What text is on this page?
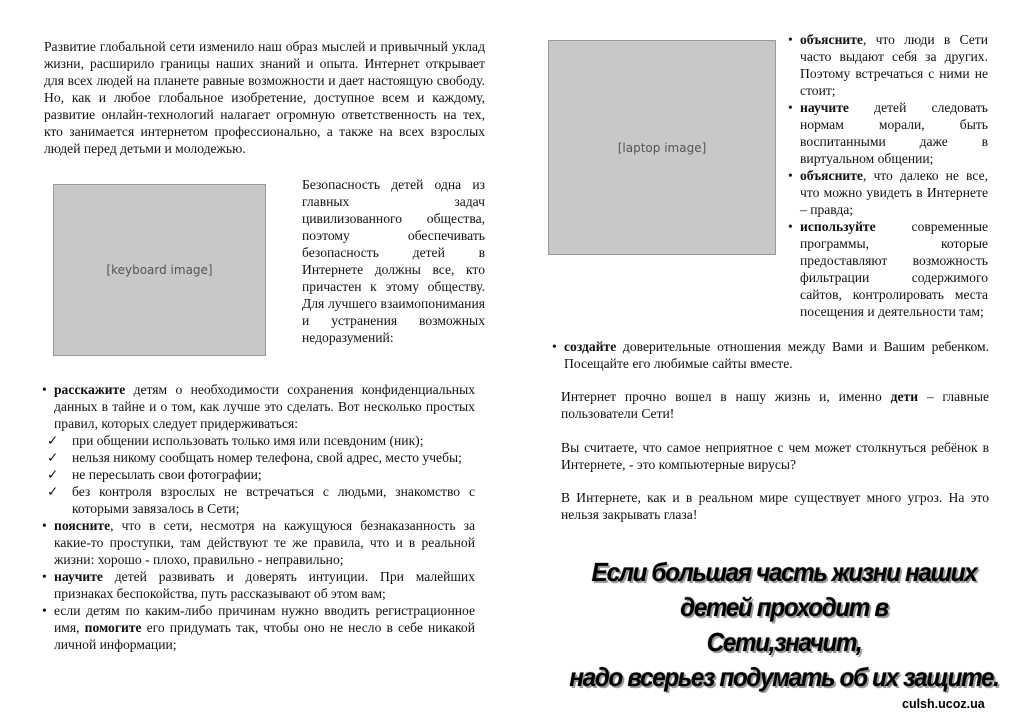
Развитие глобальной сети изменило наш образ мыслей и привычный уклад жизни, расширило границы наших знаний и опыта. Интернет открывает для всех людей на планете равные возможности и дает настоящую свободу. Но, как и любое глобальное изобретение, доступное всем и каждому, развитие онлайн-технологий налагает огромную ответственность на тех, кто занимается интернетом профессионально, а также на всех взрослых людей перед детьми и молодежью.

[keyboard image]

Безопасность детей одна из главных задач цивилизованного общества, поэтому обеспечивать безопасность детей в Интернете должны все, кто причастен к этому обществу. Для лучшего взаимопонимания и устранения возможных недоразумений:

• расскажите детям о необходимости сохранения конфиденциальных данных в тайне и о том, как лучше это сделать. Вот несколько простых правил, которых следует придерживаться:
✓ при общении использовать только имя или псевдоним (ник);
✓ нельзя никому сообщать номер телефона, свой адрес, место учебы;
✓ не пересылать свои фотографии;
✓ без контроля взрослых не встречаться с людьми, знакомство с которыми завязалось в Сети;
• поясните, что в сети, несмотря на кажущуюся безнаказанность за какие-то проступки, там действуют те же правила, что и в реальной жизни: хорошо - плохо, правильно - неправильно;
• научите детей развивать и доверять интуиции. При малейших признаках беспокойства, путь рассказывают об этом вам;
• если детям по каким-либо причинам нужно вводить регистрационное имя, помогите его придумать так, чтобы оно не несло в себе никакой личной информации;
[laptop image]
• объясните, что люди в Сети часто выдают себя за других. Поэтому встречаться с ними не стоит;
• научите детей следовать нормам морали, быть воспитанными даже в виртуальном общении;
• объясните, что далеко не все, что можно увидеть в Интернете – правда;
• используйте современные программы, которые предоставляют возможность фильтрации содержимого сайтов, контролировать места посещения и деятельности там;
• создайте доверительные отношения между Вами и Вашим ребенком. Посещайте его любимые сайты вместе.

Интернет прочно вошел в нашу жизнь и, именно дети – главные пользователи Сети!

Вы считаете, что самое неприятное с чем может столкнуться ребёнок в Интернете, - это компьютерные вирусы?

В Интернете, как и в реальном мире существует много угроз. На это нельзя закрывать глаза!

Если большая часть жизни наших детей проходит в
Сети,значит,
надо всерьез подумать об их защите.
culsh.ucoz.ua
